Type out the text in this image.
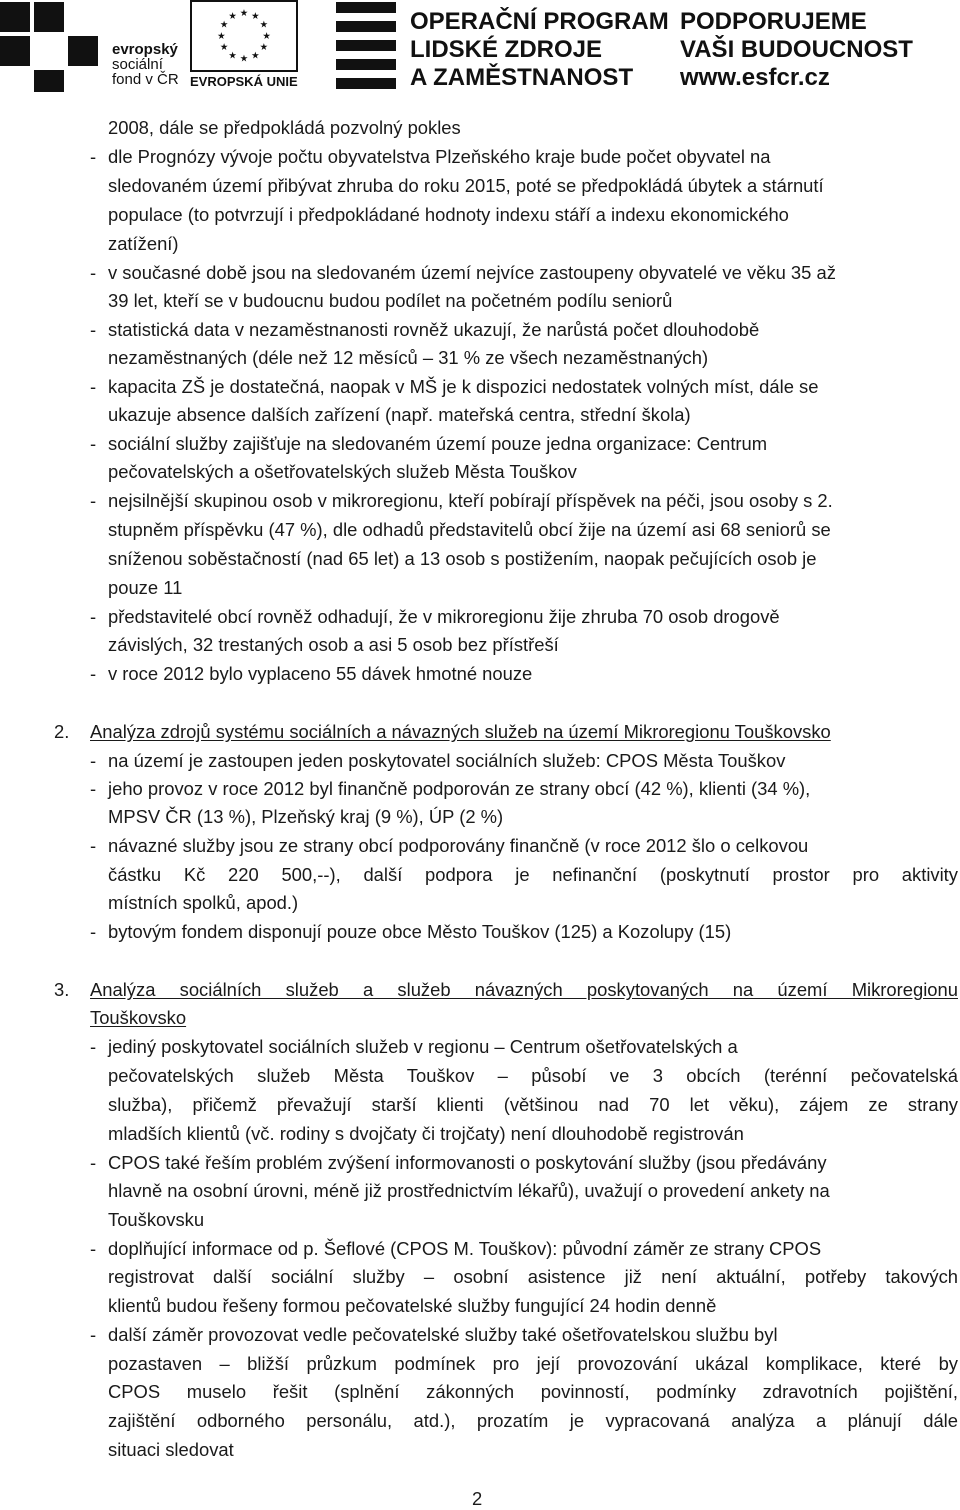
evropský
sociální
fond v ČR
★ ★
★
★
★
★
★
★
★
★
★
★
EVROPSKÁ UNIE
OPERAČNÍ PROGRAM
LIDSKÉ ZDROJE
A ZAMĚSTNANOST
PODPORUJEME
VAŠI BUDOUCNOST
www.esfcr.cz
2008, dále se předpokládá pozvolný pokles
- dle Prognózy vývoje počtu obyvatelstva Plzeňského kraje bude počet obyvatel na
sledovaném území přibývat zhruba do roku 2015, poté se předpokládá úbytek a stárnutí
populace (to potvrzují i předpokládané hodnoty indexu stáří a indexu ekonomického
zatížení)
- v současné době jsou na sledovaném území nejvíce zastoupeny obyvatelé ve věku 35 až
39 let, kteří se v budoucnu budou podílet na početném podílu seniorů
- statistická data v nezaměstnanosti rovněž ukazují, že narůstá počet dlouhodobě
nezaměstnaných (déle než 12 měsíců – 31 % ze všech nezaměstnaných)
- kapacita ZŠ je dostatečná, naopak v MŠ je k dispozici nedostatek volných míst, dále se
ukazuje absence dalších zařízení (např. mateřská centra, střední škola)
- sociální služby zajišťuje na sledovaném území pouze jedna organizace: Centrum
pečovatelských a ošetřovatelských služeb Města Touškov
- nejsilnější skupinou osob v mikroregionu, kteří pobírají příspěvek na péči, jsou osoby s 2.
stupněm příspěvku (47 %), dle odhadů představitelů obcí žije na území asi 68 seniorů se
sníženou soběstačností (nad 65 let) a 13 osob s postižením, naopak pečujících osob je
pouze 11
- představitelé obcí rovněž odhadují, že v mikroregionu žije zhruba 70 osob drogově
závislých, 32 trestaných osob a asi 5 osob bez přístřeší
- v roce 2012 bylo vyplaceno 55 dávek hmotné nouze
2. Analýza zdrojů systému sociálních a návazných služeb na území Mikroregionu Touškovsko
- na území je zastoupen jeden poskytovatel sociálních služeb: CPOS Města Touškov
- jeho provoz v roce 2012 byl finančně podporován ze strany obcí (42 %), klienti (34 %),
MPSV ČR (13 %), Plzeňský kraj (9 %), ÚP (2 %)
- návazné služby jsou ze strany obcí podporovány finančně (v roce 2012 šlo o celkovou
částku Kč 220 500,--), další podpora je nefinanční (poskytnutí prostor pro aktivity
místních spolků, apod.)
- bytovým fondem disponují pouze obce Město Touškov (125) a Kozolupy (15)
3. Analýza sociálních služeb a služeb návazných poskytovaných na území Mikroregionu
Touškovsko
- jediný poskytovatel sociálních služeb v regionu – Centrum ošetřovatelských a
pečovatelských služeb Města Touškov – působí ve 3 obcích (terénní pečovatelská
služba), přičemž převažují starší klienti (většinou nad 70 let věku), zájem ze strany
mladších klientů (vč. rodiny s dvojčaty či trojčaty) není dlouhodobě registrován
- CPOS také řeším problém zvýšení informovanosti o poskytování služby (jsou předávány
hlavně na osobní úrovni, méně již prostřednictvím lékařů), uvažují o provedení ankety na
Touškovsku
- doplňující informace od p. Šeflové (CPOS M. Touškov): původní záměr ze strany CPOS
registrovat další sociální služby – osobní asistence již není aktuální, potřeby takových
klientů budou řešeny formou pečovatelské služby fungující 24 hodin denně
- další záměr provozovat vedle pečovatelské služby také ošetřovatelskou službu byl
pozastaven – bližší průzkum podmínek pro její provozování ukázal komplikace, které by
CPOS muselo řešit (splnění zákonných povinností, podmínky zdravotních pojištění,
zajištění odborného personálu, atd.), prozatím je vypracovaná analýza a plánují dále
situaci sledovat
2
